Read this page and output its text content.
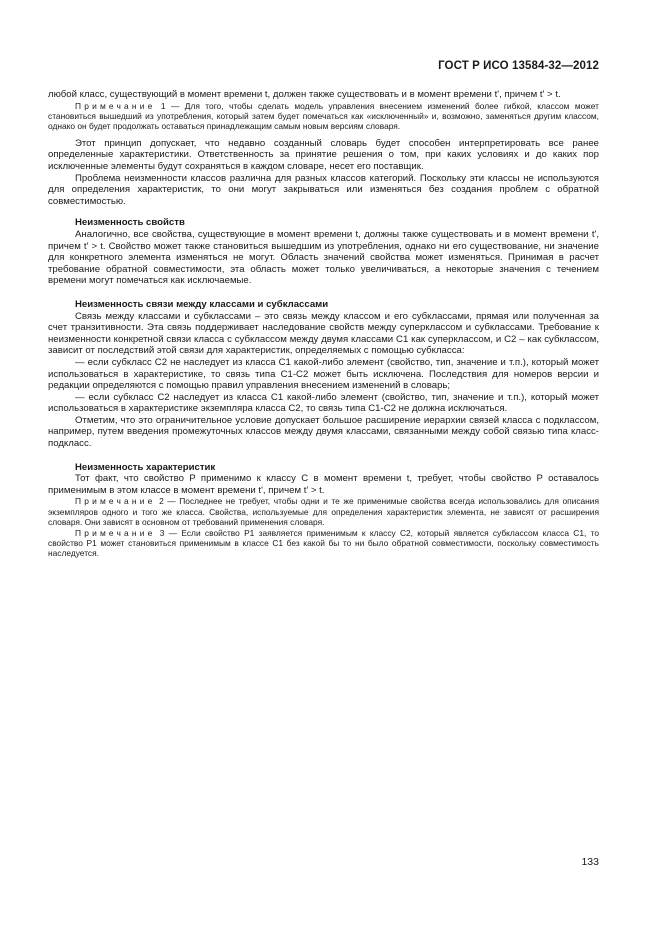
ГОСТ Р ИСО 13584-32—2012

любой класс, существующий в момент времени t, должен также существовать и в момент времени t', причем t' > t.

Примечание 1 — Для того, чтобы сделать модель управления внесением изменений более гибкой, классом может становиться вышедший из употребления, который затем будет помечаться как «исключенный» и, возможно, заменяться другим классом, однако он будет продолжать оставаться принадлежащим самым новым версиям словаря.

Этот принцип допускает, что недавно созданный словарь будет способен интерпретировать все ранее определенные характеристики. Ответственность за принятие решения о том, при каких условиях и до каких пор исключенные элементы будут сохраняться в каждом словаре, несет его поставщик.

Проблема неизменности классов различна для разных классов категорий. Поскольку эти классы не используются для определения характеристик, то они могут закрываться или изменяться без создания проблем с обратной совместимостью.

Неизменность свойств

Аналогично, все свойства, существующие в момент времени t, должны также существовать и в момент времени t', причем t' > t. Свойство может также становиться вышедшим из употребления, однако ни его существование, ни значение для конкретного элемента изменяться не могут. Область значений свойства может изменяться. Принимая в расчет требование обратной совместимости, эта область может только увеличиваться, а некоторые значения с течением времени могут помечаться как исключаемые.

Неизменность связи между классами и субклассами

Связь между классами и субклассами – это связь между классом и его субклассами, прямая или полученная за счет транзитивности. Эта связь поддерживает наследование свойств между суперклассом и субклассами. Требование к неизменности конкретной связи класса с субклассом между двумя классами C1 как суперклассом, и C2 – как субклассом, зависит от последствий этой связи для характеристик, определяемых с помощью субкласса:

— если субкласс C2 не наследует из класса C1 какой-либо элемент (свойство, тип, значение и т.п.), который может использоваться в характеристике, то связь типа C1-C2 может быть исключена. Последствия для номеров версии и редакции определяются с помощью правил управления внесением изменений в словарь;

— если субкласс C2 наследует из класса C1 какой-либо элемент (свойство, тип, значение и т.п.), который может использоваться в характеристике экземпляра класса C2, то связь типа C1-C2 не должна исключаться.

Отметим, что это ограничительное условие допускает большое расширение иерархии связей класса с подклассом, например, путем введения промежуточных классов между двумя классами, связанными между собой связью типа класс-подкласс.

Неизменность характеристик

Тот факт, что свойство P применимо к классу C в момент времени t, требует, чтобы свойство P оставалось применимым в этом классе в момент времени t', причем t' > t.

Примечание 2 — Последнее не требует, чтобы одни и те же применимые свойства всегда использовались для описания экземпляров одного и того же класса. Свойства, используемые для определения характеристик элемента, не зависят от расширения словаря. Они зависят в основном от требований применения словаря.

Примечание 3 — Если свойство P1 заявляется применимым к классу C2, который является субклассом класса C1, то свойство P1 может становиться применимым в классе C1 без какой бы то ни было обратной совместимости, поскольку совместимость наследуется.

133
